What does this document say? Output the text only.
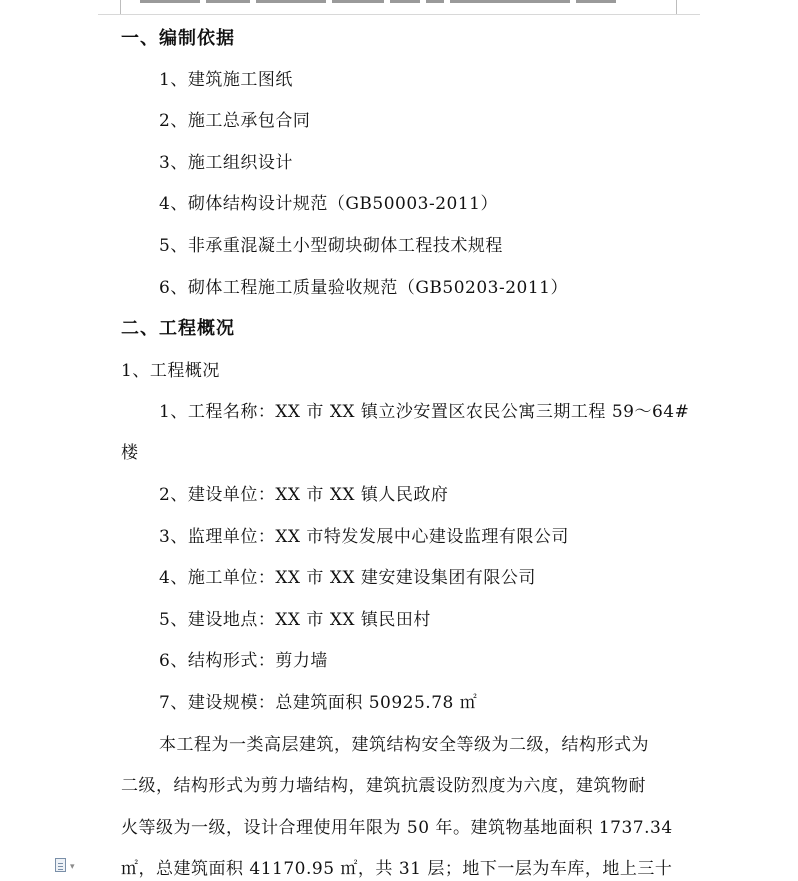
一、编制依据
1、建筑施工图纸
2、施工总承包合同
3、施工组织设计
4、砌体结构设计规范（GB50003-2011）
5、非承重混凝土小型砌块砌体工程技术规程
6、砌体工程施工质量验收规范（GB50203-2011）
二、工程概况
1、工程概况
1、工程名称：XX 市 XX 镇立沙安置区农民公寓三期工程 59～64#
楼
2、建设单位：XX 市 XX 镇人民政府
3、监理单位：XX 市特发发展中心建设监理有限公司
4、施工单位：XX 市 XX 建安建设集团有限公司
5、建设地点：XX 市 XX 镇民田村
6、结构形式：剪力墙
7、建设规模：总建筑面积 50925.78 ㎡
本工程为一类高层建筑，建筑结构安全等级为二级，结构形式为
二级，结构形式为剪力墙结构，建筑抗震设防烈度为六度，建筑物耐
火等级为一级，设计合理使用年限为 50 年。建筑物基地面积 1737.34
㎡，总建筑面积 41170.95 ㎡，共 31 层；地下一层为车库，地上三十
▾
